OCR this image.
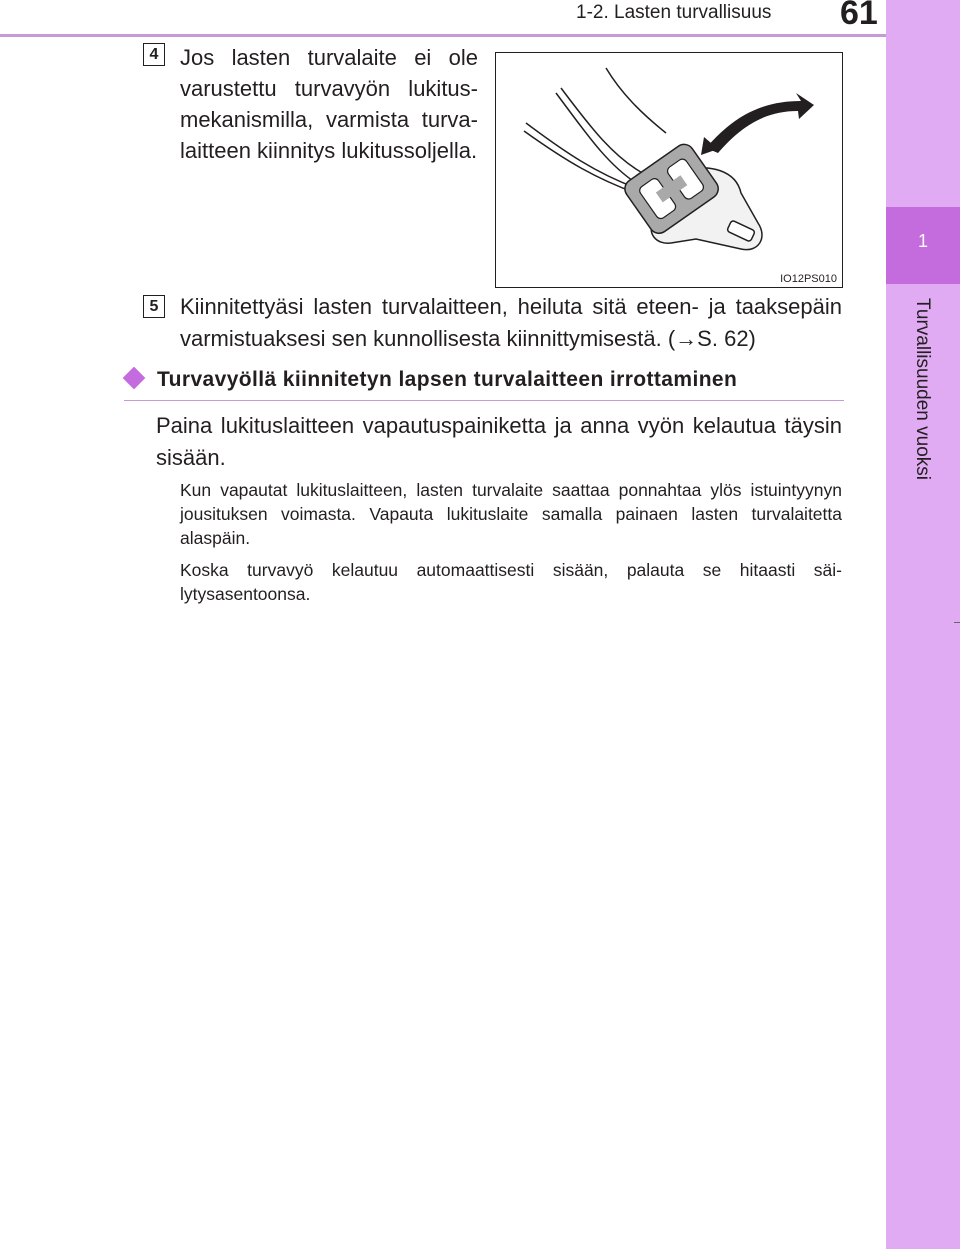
1-2. Lasten turvallisuus 61
1
Turvallisuuden vuoksi
4 Jos lasten turvalaite ei ole varustettu turvavyön lukitus-mekanismilla, varmista turva-laitteen kiinnitys lukitussoljella.
IO12PS010
5 Kiinnitettyäsi lasten turvalaitteen, heiluta sitä eteen- ja taaksepäin varmistuaksesi sen kunnollisesta kiinnittymisestä. (→S. 62)
Turvavyöllä kiinnitetyn lapsen turvalaitteen irrottaminen
Paina lukituslaitteen vapautuspainiketta ja anna vyön kelautua täysin sisään.
Kun vapautat lukituslaitteen, lasten turvalaite saattaa ponnahtaa ylös istuintyynyn jousituksen voimasta. Vapauta lukituslaite samalla painaen lasten turvalaitetta alaspäin.
Koska turvavyö kelautuu automaattisesti sisään, palauta se hitaasti säi-lytysasentoonsa.
